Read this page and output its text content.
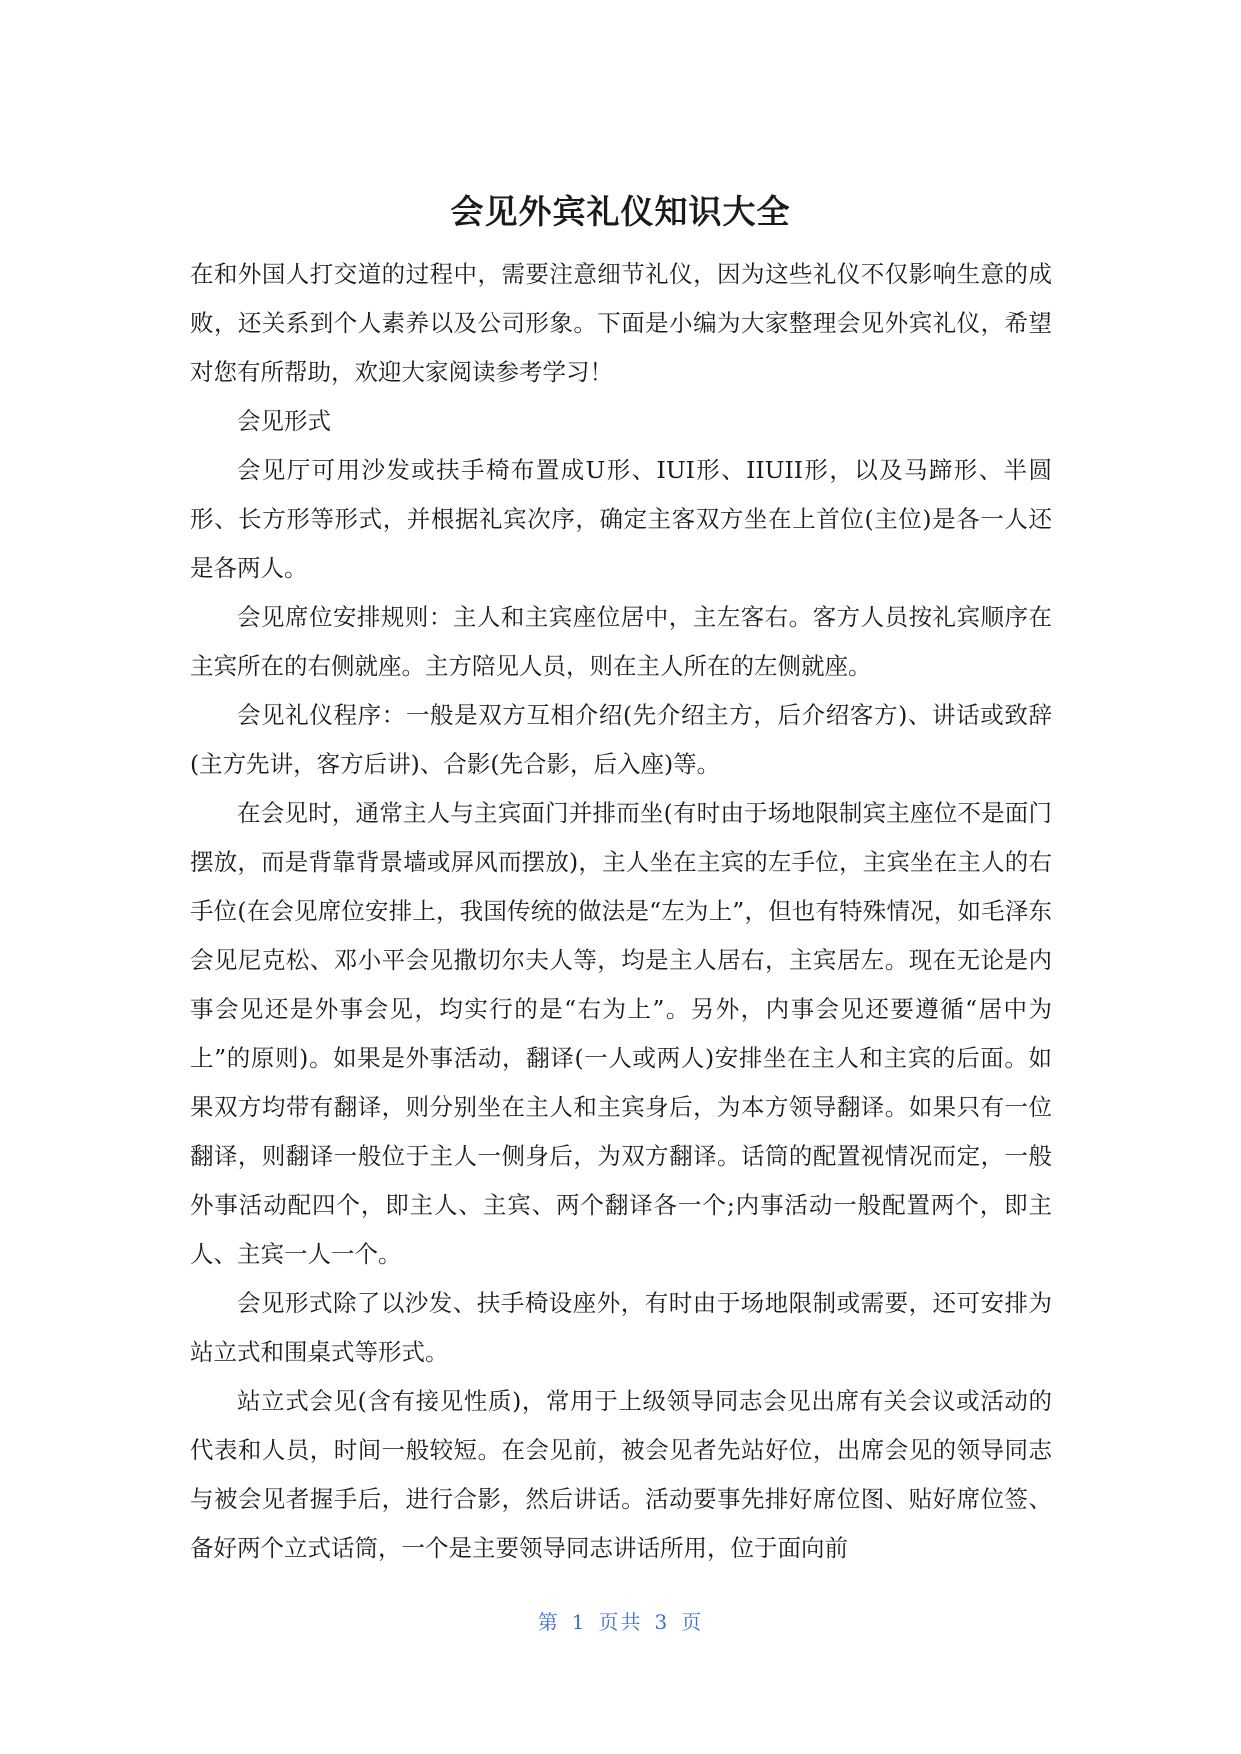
会见外宾礼仪知识大全

在和外国人打交道的过程中，需要注意细节礼仪，因为这些礼仪不仅影响生意的成败，还关系到个人素养以及公司形象。下面是小编为大家整理会见外宾礼仪，希望对您有所帮助，欢迎大家阅读参考学习！

会见形式

会见厅可用沙发或扶手椅布置成U形、IUI形、IIUII形，以及马蹄形、半圆形、长方形等形式，并根据礼宾次序，确定主客双方坐在上首位(主位)是各一人还是各两人。

会见席位安排规则：主人和主宾座位居中，主左客右。客方人员按礼宾顺序在主宾所在的右侧就座。主方陪见人员，则在主人所在的左侧就座。

会见礼仪程序：一般是双方互相介绍(先介绍主方，后介绍客方)、讲话或致辞(主方先讲，客方后讲)、合影(先合影，后入座)等。

在会见时，通常主人与主宾面门并排而坐(有时由于场地限制宾主座位不是面门摆放，而是背靠背景墙或屏风而摆放)，主人坐在主宾的左手位，主宾坐在主人的右手位(在会见席位安排上，我国传统的做法是“左为上”，但也有特殊情况，如毛泽东会见尼克松、邓小平会见撒切尔夫人等，均是主人居右，主宾居左。现在无论是内事会见还是外事会见，均实行的是“右为上”。另外，内事会见还要遵循“居中为上”的原则)。如果是外事活动，翻译(一人或两人)安排坐在主人和主宾的后面。如果双方均带有翻译，则分别坐在主人和主宾身后，为本方领导翻译。如果只有一位翻译，则翻译一般位于主人一侧身后，为双方翻译。话筒的配置视情况而定，一般外事活动配四个，即主人、主宾、两个翻译各一个;内事活动一般配置两个，即主人、主宾一人一个。

会见形式除了以沙发、扶手椅设座外，有时由于场地限制或需要，还可安排为站立式和围桌式等形式。

站立式会见(含有接见性质)，常用于上级领导同志会见出席有关会议或活动的代表和人员，时间一般较短。在会见前，被会见者先站好位，出席会见的领导同志与被会见者握手后，进行合影，然后讲话。活动要事先排好席位图、贴好席位签、备好两个立式话筒，一个是主要领导同志讲话所用，位于面向前

第 1 页共 3 页
